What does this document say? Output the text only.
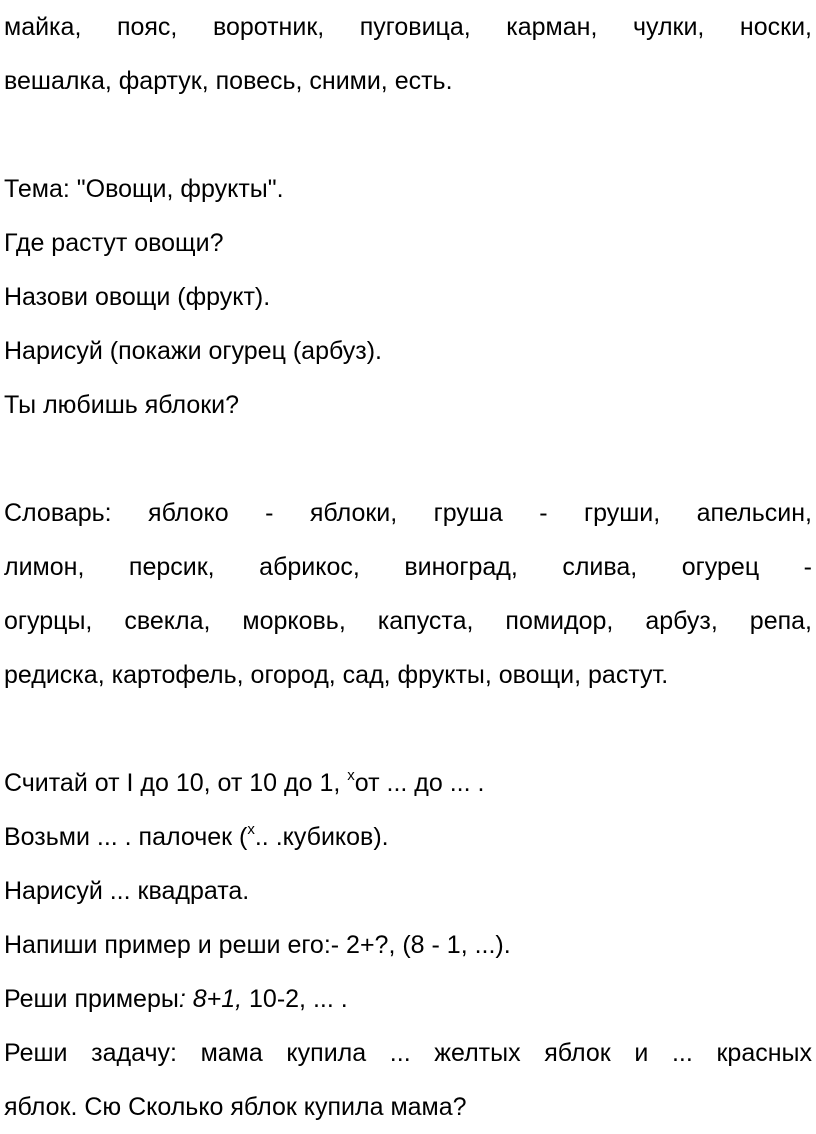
майка, пояс, воротник, пуговица, карман, чулки, носки,
вешалка, фартук, повесь, сними, есть.
Тема: "Овощи, фрукты".
Где растут овощи?
Назови овощи (фрукт).
Нарисуй (покажи огурец (арбуз).
Ты любишь яблоки?
Словарь: яблоко - яблоки, груша - груши, апельсин,
лимон, персик, абрикос, виноград, слива, огурец -
огурцы, свекла, морковь, капуста, помидор, арбуз, репа,
редиска, картофель, огород, сад, фрукты, овощи, растут.
Считай от I до 10, от 10 до 1, $^x$от ... до ... .
Возьми ... . палочек ($^x$.. .кубиков).
Нарисуй ... квадрата.
Напиши пример и реши его:- 2+?, (8 - 1, ...).
Реши примеры: 8+1, 10-2, ... .
Реши задачу: мама купила ... желтых яблок и ... красных
яблок. Сю Сколько яблок купила мама?
